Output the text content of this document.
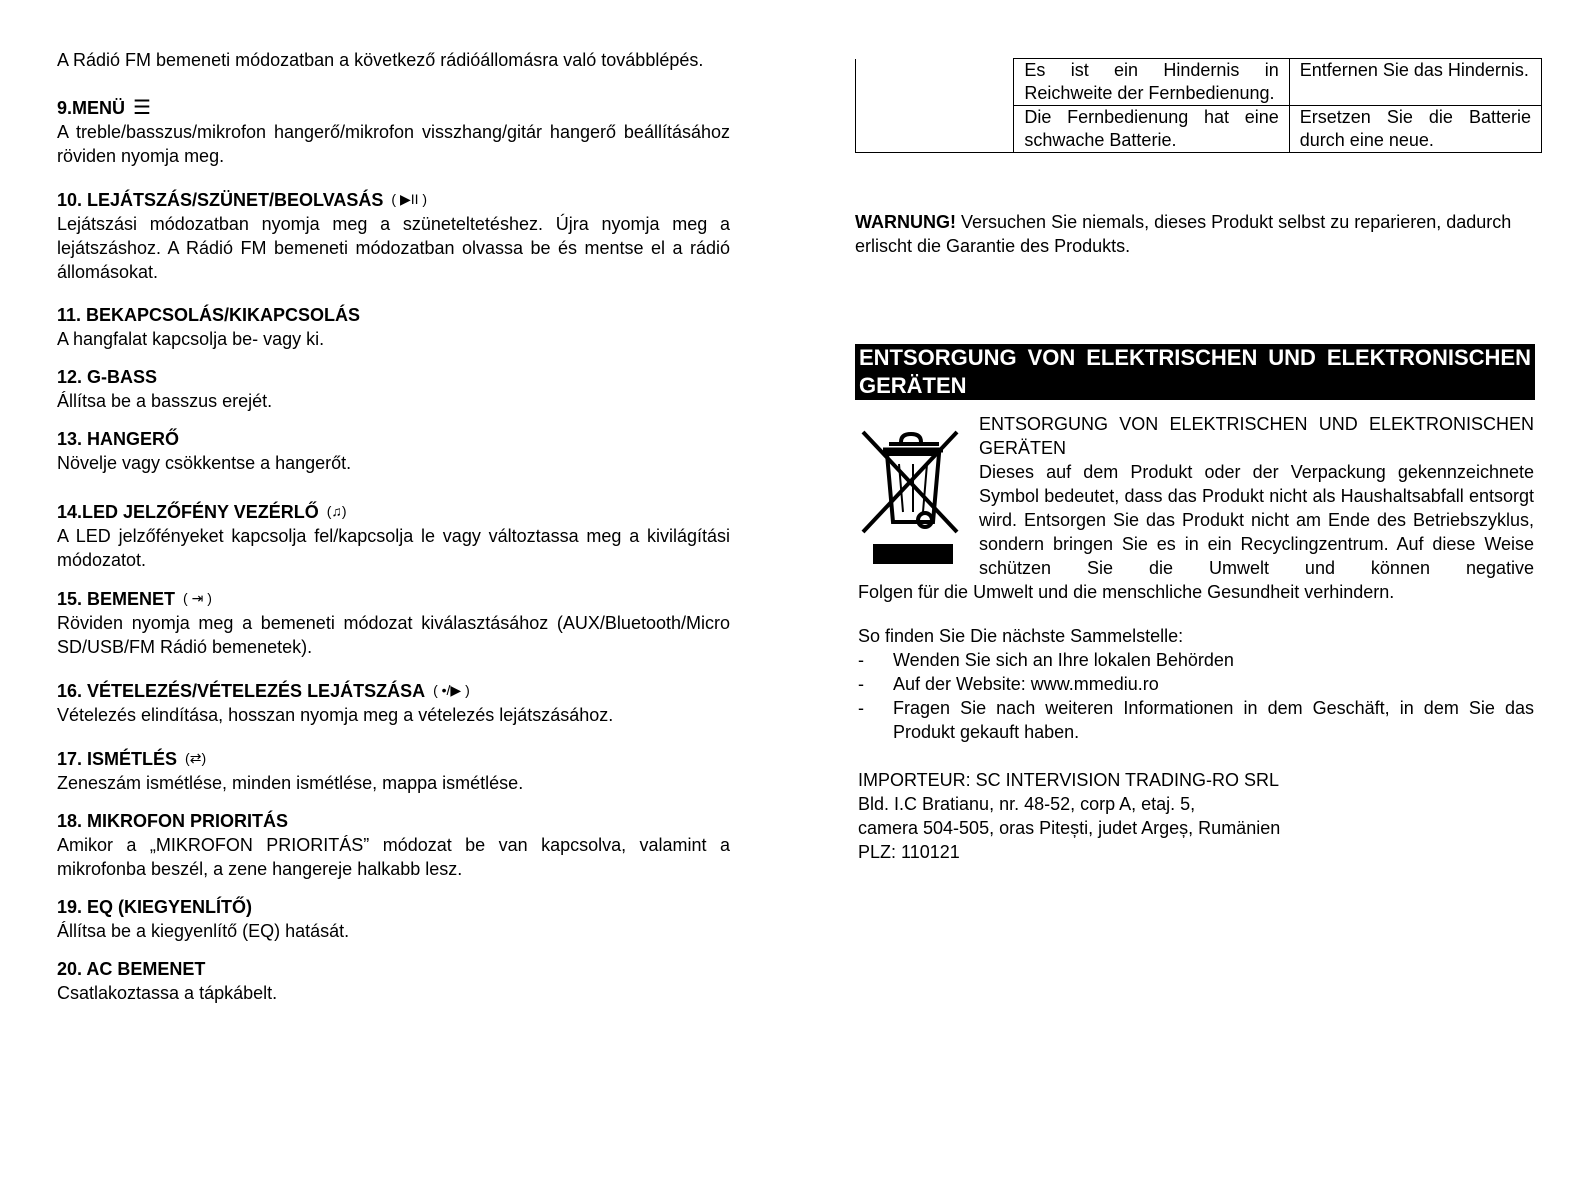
A Rádió FM bemeneti módozatban a következő rádióállomásra való továbblépés.

9.MENÜ ☰

A treble/basszus/mikrofon hangerő/mikrofon visszhang/gitár hangerő beállításához röviden nyomja meg.

10. LEJÁTSZÁS/SZÜNET/BEOLVASÁS ( ▶II )

Lejátszási módozatban nyomja meg a szüneteltetéshez. Újra nyomja meg a lejátszáshoz. A Rádió FM bemeneti módozatban olvassa be és mentse el a rádió állomásokat.

11. BEKAPCSOLÁS/KIKAPCSOLÁS

A hangfalat kapcsolja be- vagy ki.

12. G-BASS

Állítsa be a basszus erejét.

13. HANGERŐ

Növelje vagy csökkentse a hangerőt.

14.LED JELZŐFÉNY VEZÉRLŐ (♫)

A LED jelzőfényeket kapcsolja fel/kapcsolja le vagy változtassa meg a kivilágítási módozatot.

15. BEMENET ( ⇥ )

Röviden nyomja meg a bemeneti módozat kiválasztásához (AUX/Bluetooth/Micro SD/USB/FM Rádió bemenetek).

16. VÉTELEZÉS/VÉTELEZÉS LEJÁTSZÁSA ( •/▶ )

Vételezés elindítása, hosszan nyomja meg a vételezés lejátszásához.

17. ISMÉTLÉS (⇄)

Zeneszám ismétlése, minden ismétlése, mappa ismétlése.

18. MIKROFON PRIORITÁS

Amikor a „MIKROFON PRIORITÁS” módozat be van kapcsolva, valamint a mikrofonba beszél, a zene hangereje halkabb lesz.

19. EQ (KIEGYENLÍTŐ)

Állítsa be a kiegyenlítő (EQ) hatását.

20. AC BEMENET

Csatlakoztassa a tápkábelt.

	Es ist ein Hindernis in Reichweite der Fernbedienung.	Entfernen Sie das Hindernis.
	Die Fernbedienung hat eine schwache Batterie.	Ersetzen Sie die Batterie durch eine neue.

WARNUNG! Versuchen Sie niemals, dieses Produkt selbst zu reparieren, dadurch erlischt die Garantie des Produkts.

ENTSORGUNG VON ELEKTRISCHEN UND ELEKTRONISCHEN GERÄTEN

ENTSORGUNG VON ELEKTRISCHEN UND ELEKTRONISCHEN GERÄTEN

Dieses auf dem Produkt oder der Verpackung gekennzeichnete Symbol bedeutet, dass das Produkt nicht als Haushaltsabfall entsorgt wird. Entsorgen Sie das Produkt nicht am Ende des Betriebszyklus, sondern bringen Sie es in ein Recyclingzentrum. Auf diese Weise schützen Sie die Umwelt und können negative

Folgen für die Umwelt und die menschliche Gesundheit verhindern.

So finden Sie Die nächste Sammelstelle:

-	Wenden Sie sich an Ihre lokalen Behörden
-	Auf der Website: www.mmediu.ro
-	Fragen Sie nach weiteren Informationen in dem Geschäft, in dem Sie das Produkt gekauft haben.

IMPORTEUR: SC INTERVISION TRADING-RO SRL

Bld. I.C Bratianu, nr. 48-52, corp A, etaj. 5,

camera 504-505, oras Pitești, judet Argeș, Rumänien

PLZ: 110121
